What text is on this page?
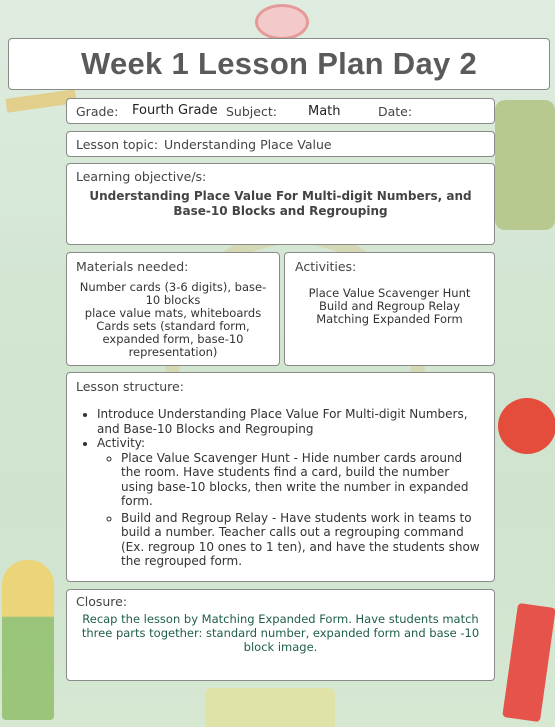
Week 1 Lesson Plan Day 2
Grade: Fourth Grade Subject: Math	Date:
Lesson topic: Understanding Place Value
Learning objective/s:
Understanding Place Value For Multi-digit Numbers, and Base-10 Blocks and Regrouping
Materials needed:
Number cards (3-6 digits), base-10 blocks
place value mats, whiteboards
Cards sets (standard form, expanded form, base-10 representation)
Activities:
Place Value Scavenger Hunt
Build and Regroup Relay
Matching Expanded Form
Lesson structure:
• Introduce Understanding Place Value For Multi-digit Numbers, and Base-10 Blocks and Regrouping
• Activity:
◦ Place Value Scavenger Hunt - Hide number cards around the room. Have students find a card, build the number using base-10 blocks, then write the number in expanded form.
◦ Build and Regroup Relay - Have students work in teams to build a number. Teacher calls out a regrouping command (Ex. regroup 10 ones to 1 ten), and have the students show the regrouped form.
Closure:
Recap the lesson by Matching Expanded Form. Have students match three parts together: standard number, expanded form and base -10 block image.
